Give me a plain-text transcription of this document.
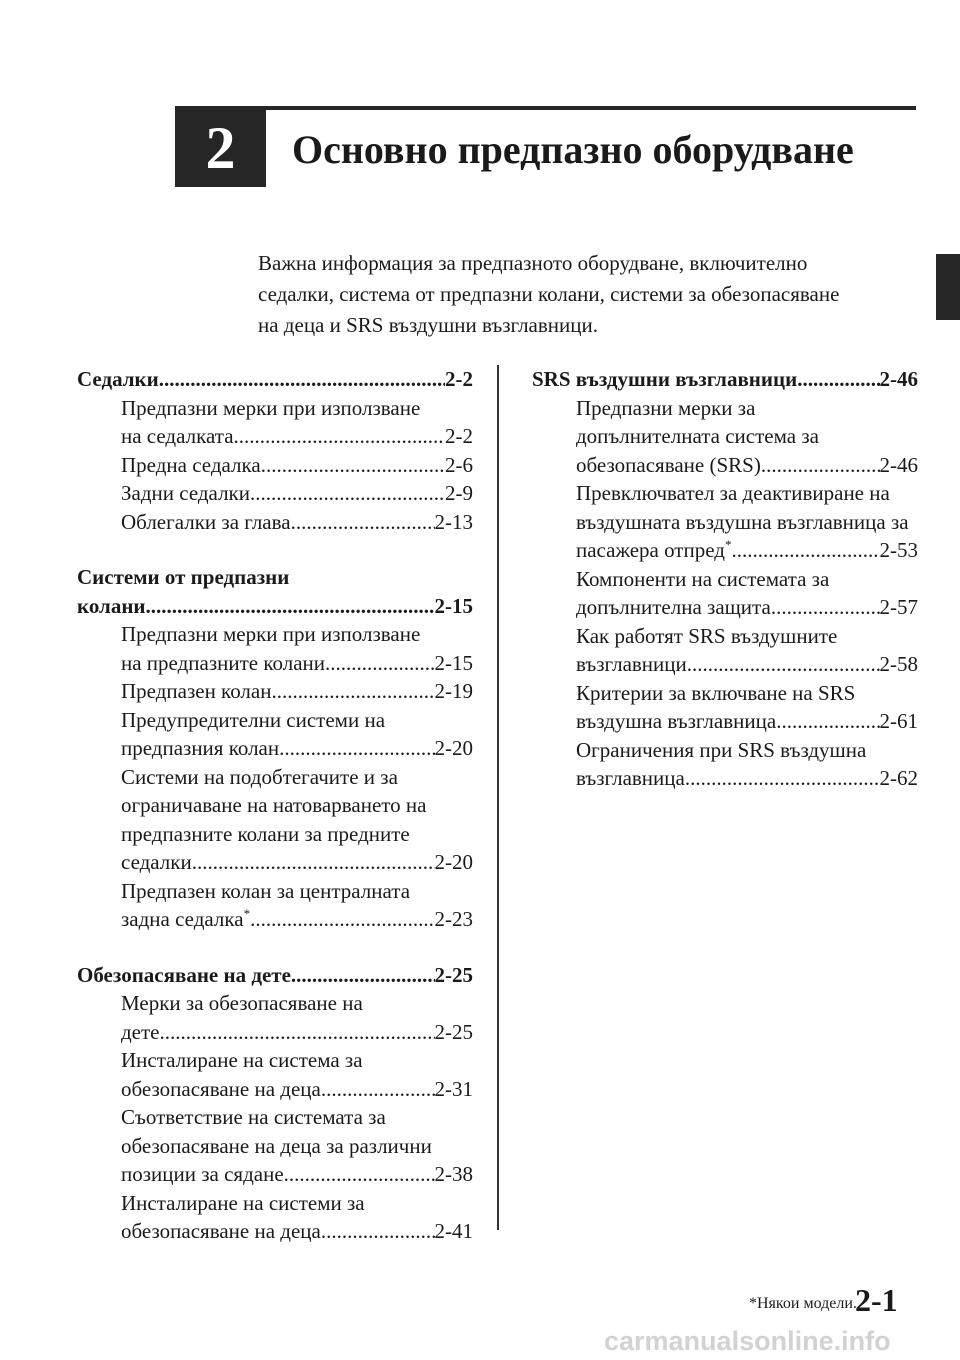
2	Основно предпазно оборудване
Важна информация за предпазното оборудване, включително
седалки, система от предпазни колани, системи за обезопасяване
на деца и SRS въздушни възглавници.
Седалки .....	2-2
Предпазни мерки при използване
на седалката .....	2-2
Предна седалка .....	2-6
Задни седалки .....	2-9
Облегалки за глава .....	2-13
Системи от предпазни
колани .....	2-15
Предпазни мерки при използване
на предпазните колани .....	2-15
Предпазен колан .....	2-19
Предупредителни системи на
предпазния колан .....	2-20
Системи на подобтегачите и за
ограничаване на натоварването на
предпазните колани за предните
седалки .....	2-20
Предпазен колан за централната
задна седалка* .....	2-23
Обезопасяване на дете .....	2-25
Мерки за обезопасяване на
дете .....	2-25
Инсталиране на система за
обезопасяване на деца .....	2-31
Съответствие на системата за
обезопасяване на деца за различни
позиции за сядане .....	2-38
Инсталиране на системи за
обезопасяване на деца .....	2-41
SRS въздушни възглавници .....	2-46
Предпазни мерки за
допълнителната система за
обезопасяване (SRS) .....	2-46
Превключвател за деактивиране на
въздушната въздушна възглавница за
пасажера отпред* .....	2-53
Компоненти на системата за
допълнителна защита .....	2-57
Как работят SRS въздушните
възглавници .....	2-58
Критерии за включване на SRS
въздушна възглавница .....	2-61
Ограничения при SRS въздушна
възглавница .....	2-62
*Някои модели.
2-1
carmanualsonline.info
